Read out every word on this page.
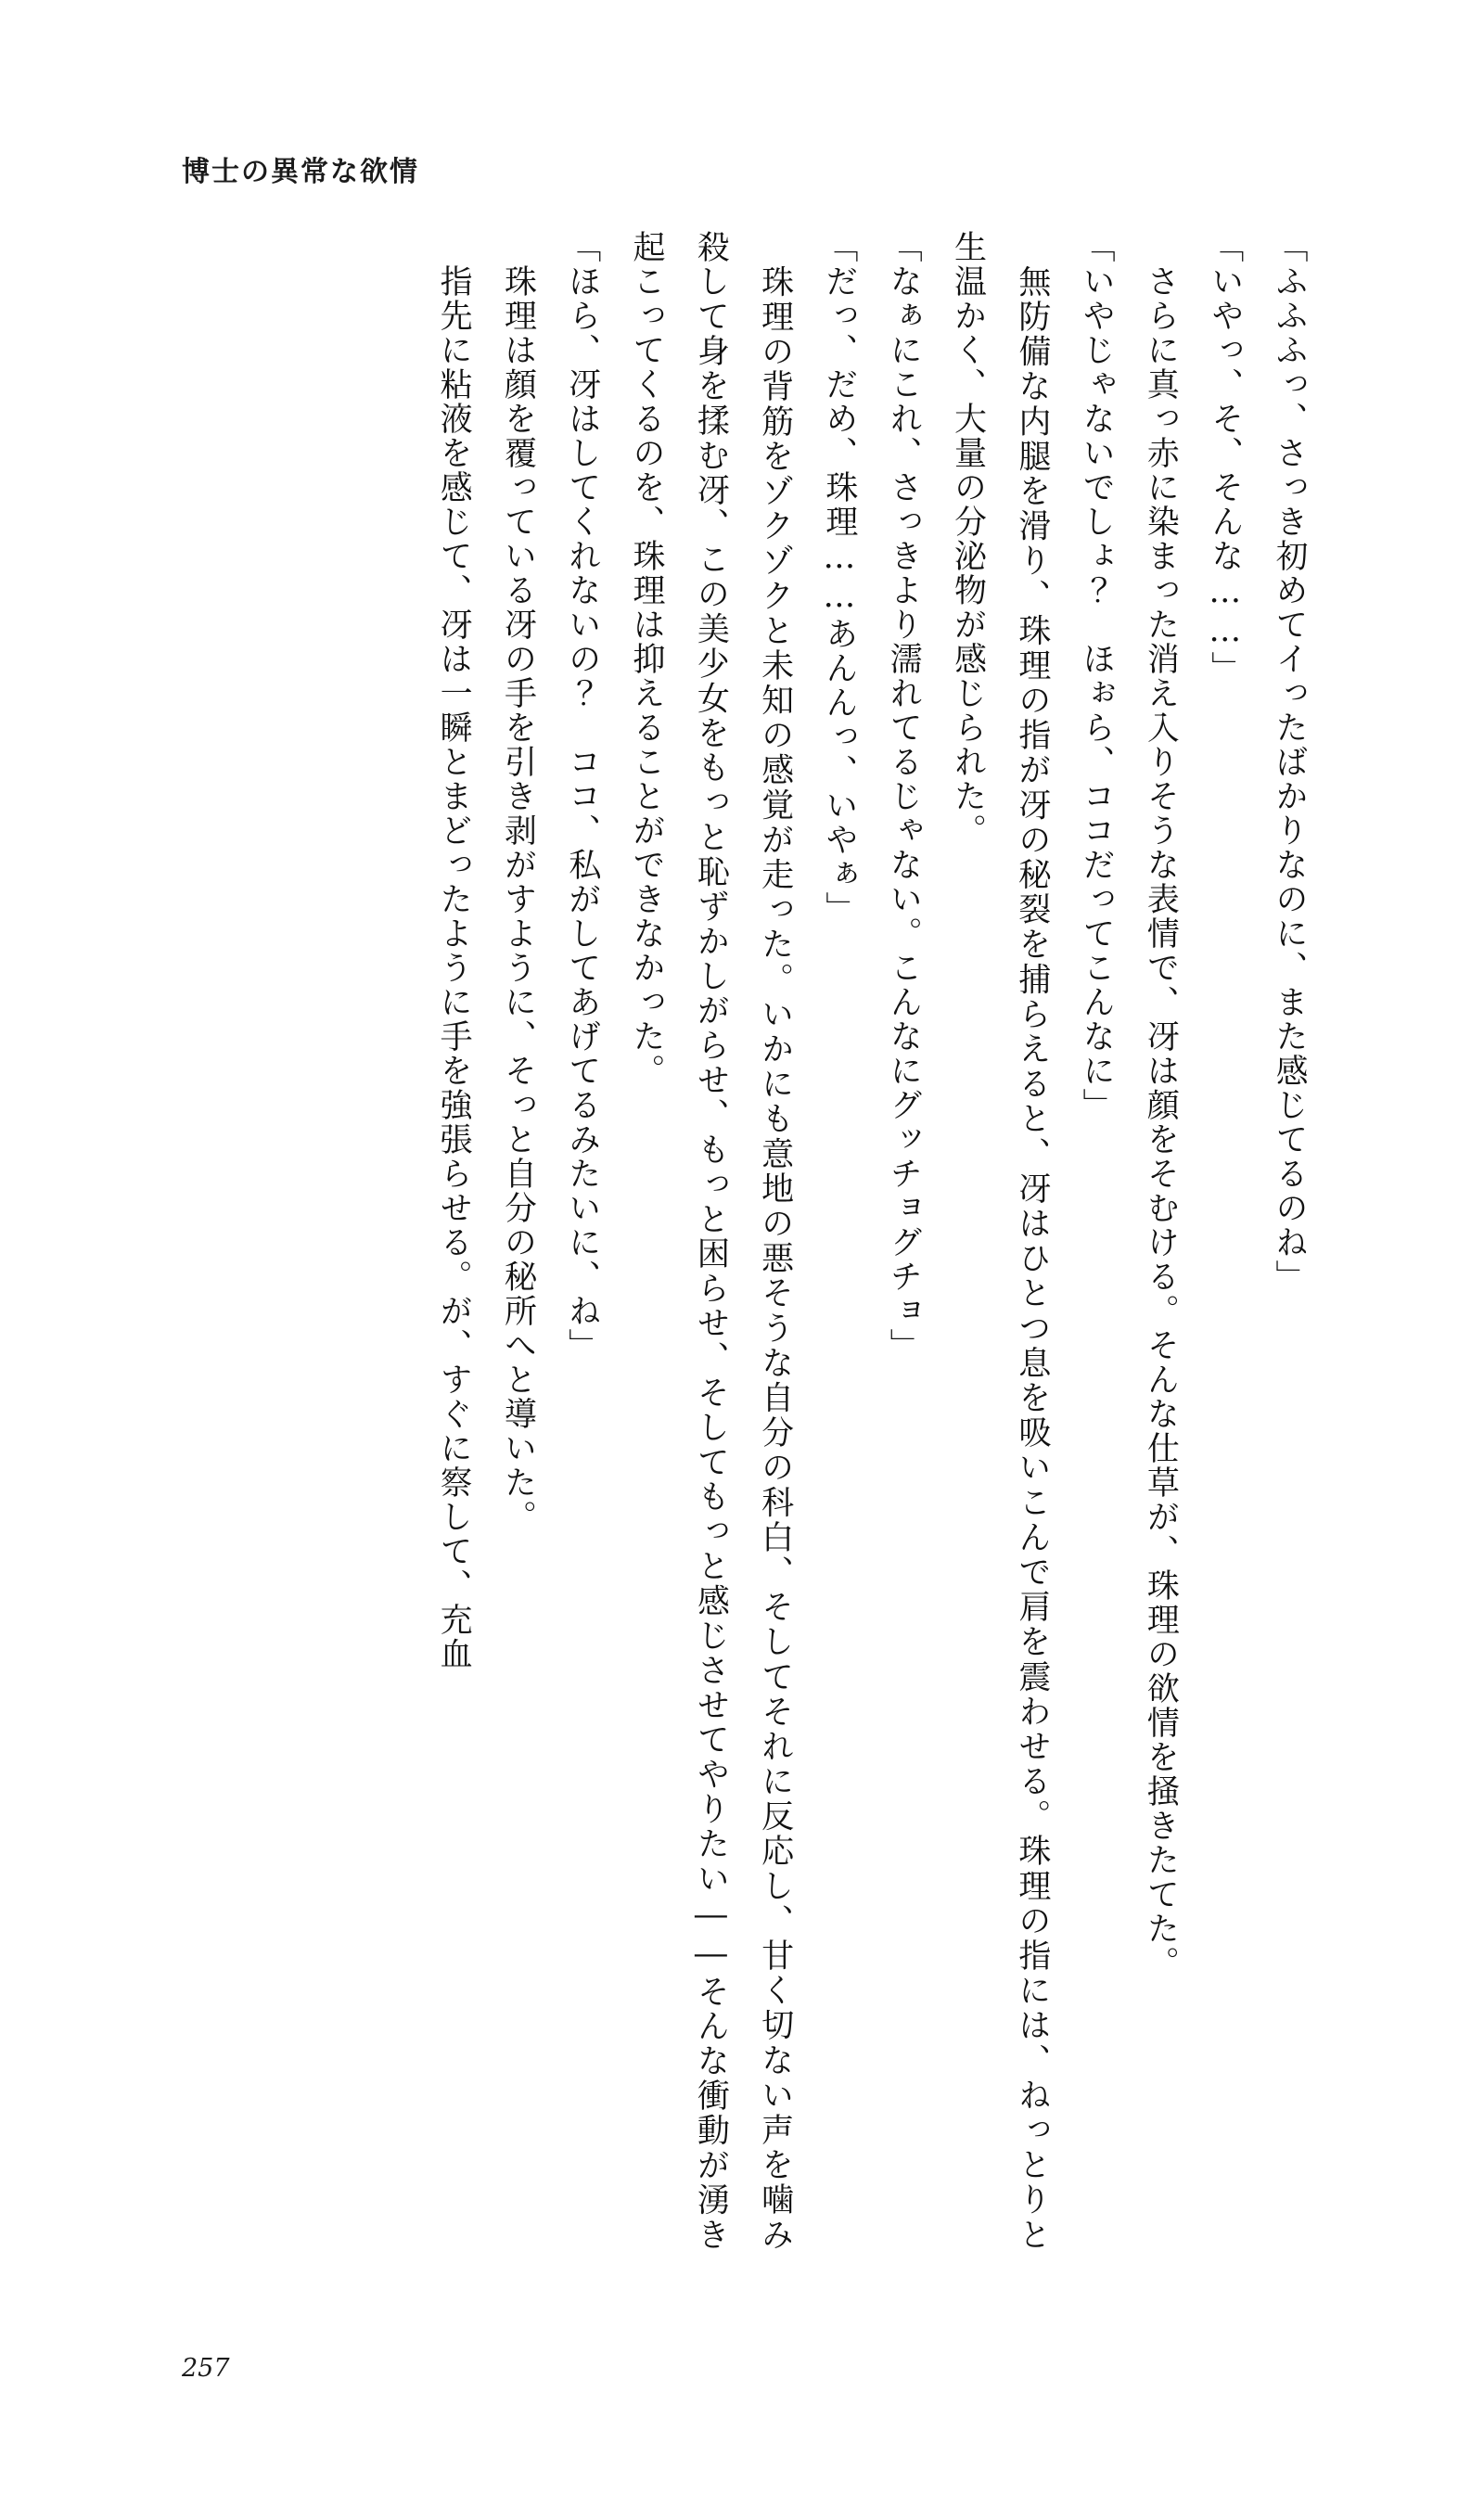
博士の異常な欲情

「ふふふっ、さっき初めてイったばかりなのに、また感じてるのね」

「いやっ、そ、そんな……」

　さらに真っ赤に染まった消え入りそうな表情で、冴は顔をそむける。そんな仕草が、珠理の欲情を掻きたてた。

「いやじゃないでしょ？　ほぉら、ココだってこんなに」

　無防備な内腿を滑り、珠理の指が冴の秘裂を捕らえると、冴はひとつ息を吸いこんで肩を震わせる。珠理の指には、ねっとりと生温かく、大量の分泌物が感じられた。

「なぁにこれ、さっきより濡れてるじゃない。こんなにグッチョグチョ」

「だっ、だめ、珠理……あんんっ、いやぁ」

　珠理の背筋をゾクゾクと未知の感覚が走った。いかにも意地の悪そうな自分の科白、そしてそれに反応し、甘く切ない声を噛み殺して身を揉む冴、この美少女をもっと恥ずかしがらせ、もっと困らせ、そしてもっと感じさせてやりたい――そんな衝動が湧き起こってくるのを、珠理は抑えることができなかった。

「ほら、冴はしてくれないの？　ココ、私がしてあげてるみたいに、ね」

　珠理は顔を覆っている冴の手を引き剥がすように、そっと自分の秘所へと導いた。

　指先に粘液を感じて、冴は一瞬とまどったように手を強張らせる。が、すぐに察して、充血

257
